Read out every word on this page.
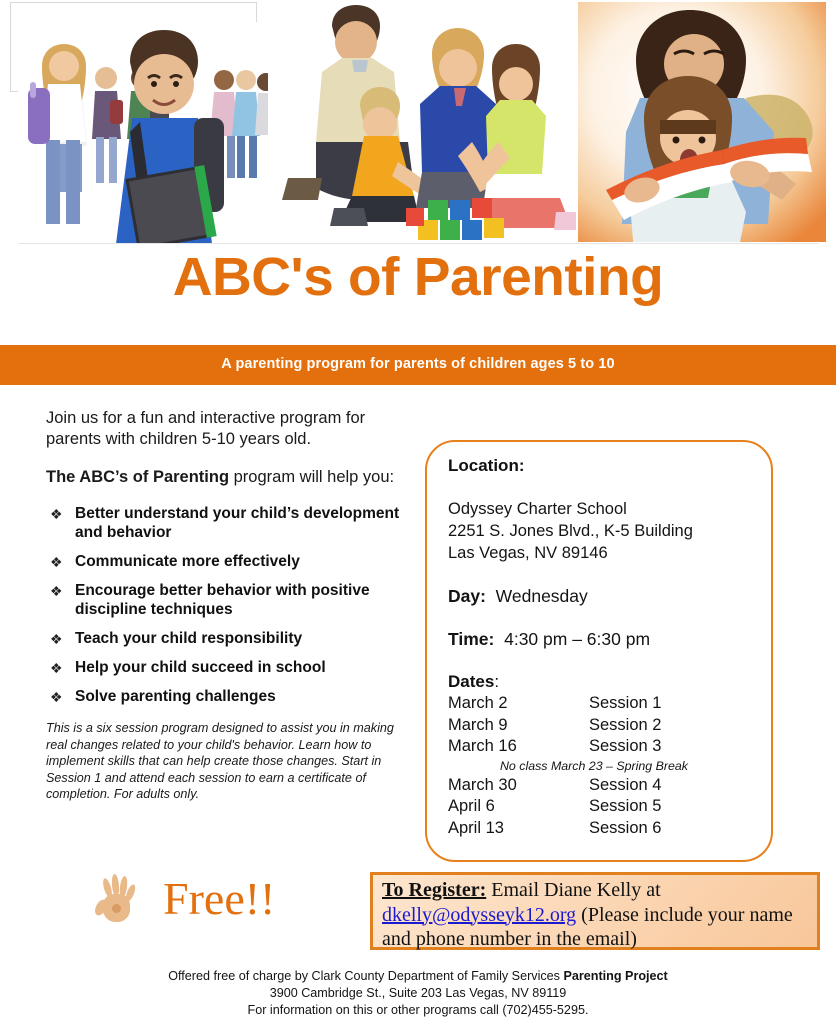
ABC's of Parenting
A parenting program for parents of children ages 5 to 10
Join us for a fun and interactive program for parents with children 5-10 years old.
The ABC’s of Parenting program will help you:
❖ Better understand your child’s development and behavior
❖ Communicate more effectively
❖ Encourage better behavior with positive discipline techniques
❖ Teach your child responsibility
❖ Help your child succeed in school
❖ Solve parenting challenges
This is a six session program designed to assist you in making real changes related to your child's behavior. Learn how to implement skills that can help create those changes. Start in Session 1 and attend each session to earn a certificate of completion. For adults only.
Free!!
Location:
Odyssey Charter School
2251 S. Jones Blvd., K-5 Building
Las Vegas, NV 89146
Day: Wednesday
Time: 4:30 pm – 6:30 pm
Dates:
March 2	Session 1
March 9	Session 2
March 16	Session 3
No class March 23 – Spring Break
March 30	Session 4
April 6	Session 5
April 13	Session 6
To Register: Email Diane Kelly at dkelly@odysseyk12.org (Please include your name and phone number in the email)
Offered free of charge by Clark County Department of Family Services Parenting Project
3900 Cambridge St., Suite 203 Las Vegas, NV 89119
For information on this or other programs call (702)455-5295.
